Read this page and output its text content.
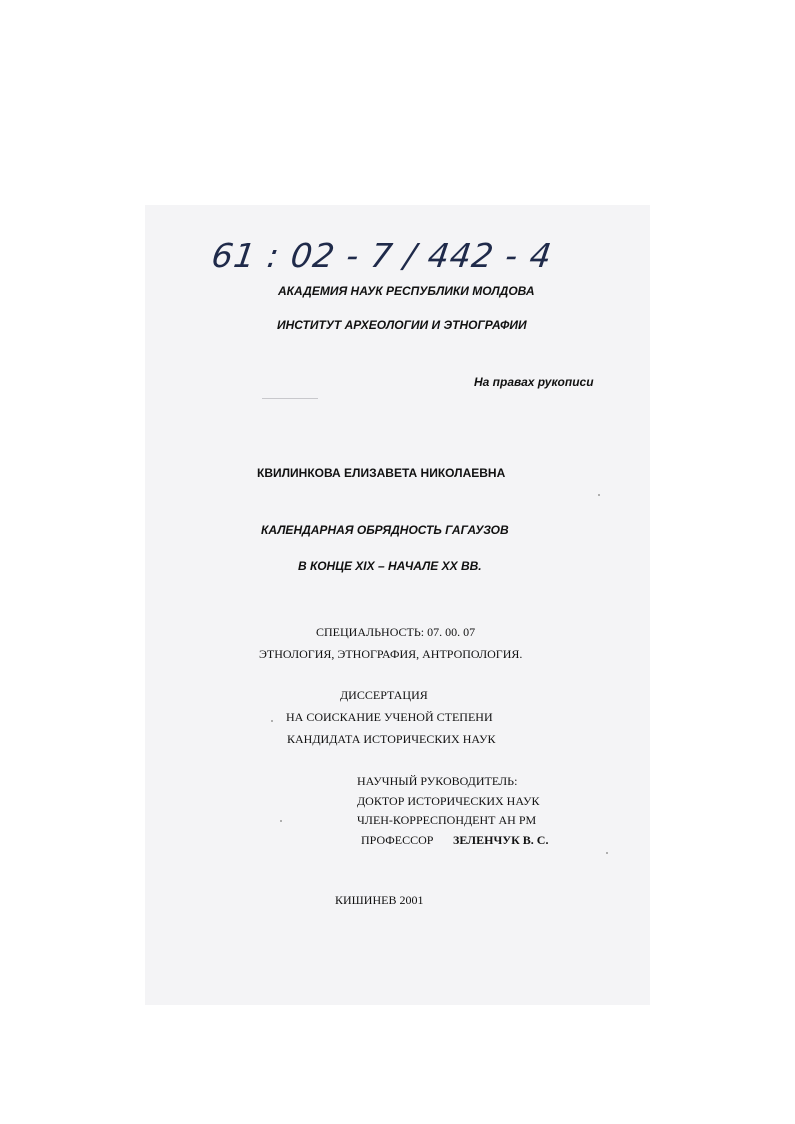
61 : 02 - 7 / 442 - 4
АКАДЕМИЯ НАУК РЕСПУБЛИКИ МОЛДОВА
ИНСТИТУТ АРХЕОЛОГИИ И ЭТНОГРАФИИ
На правах рукописи
КВИЛИНКОВА ЕЛИЗАВЕТА НИКОЛАЕВНА
КАЛЕНДАРНАЯ ОБРЯДНОСТЬ ГАГАУЗОВ
В КОНЦЕ XIX – НАЧАЛЕ XX ВВ.
СПЕЦИАЛЬНОСТЬ: 07. 00. 07
ЭТНОЛОГИЯ, ЭТНОГРАФИЯ, АНТРОПОЛОГИЯ.
ДИССЕРТАЦИЯ
НА СОИСКАНИЕ УЧЕНОЙ СТЕПЕНИ
КАНДИДАТА ИСТОРИЧЕСКИХ НАУК
НАУЧНЫЙ РУКОВОДИТЕЛЬ:
ДОКТОР ИСТОРИЧЕСКИХ НАУК
ЧЛЕН-КОРРЕСПОНДЕНТ АН РМ
ПРОФЕССОР ЗЕЛЕНЧУК В. С.
КИШИНЕВ 2001
